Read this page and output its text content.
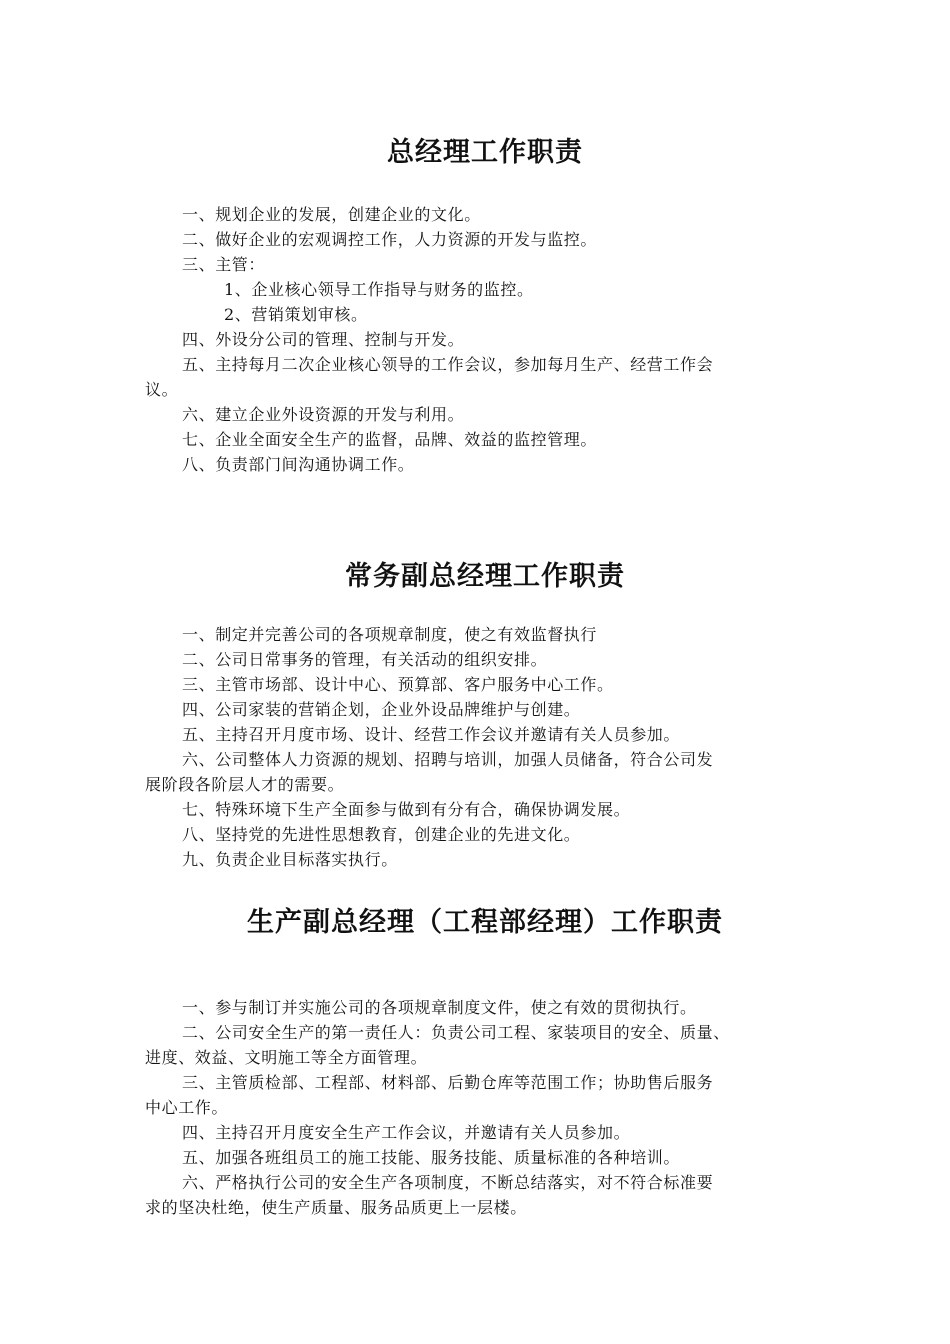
总经理工作职责

一、规划企业的发展，创建企业的文化。

二、做好企业的宏观调控工作，人力资源的开发与监控。

三、主管：

1、企业核心领导工作指导与财务的监控。

2、营销策划审核。

四、外设分公司的管理、控制与开发。

五、主持每月二次企业核心领导的工作会议，参加每月生产、经营工作会

议。

六、建立企业外设资源的开发与利用。

七、企业全面安全生产的监督，品牌、效益的监控管理。

八、负责部门间沟通协调工作。

常务副总经理工作职责

一、制定并完善公司的各项规章制度，使之有效监督执行

二、公司日常事务的管理，有关活动的组织安排。

三、主管市场部、设计中心、预算部、客户服务中心工作。

四、公司家装的营销企划，企业外设品牌维护与创建。

五、主持召开月度市场、设计、经营工作会议并邀请有关人员参加。

六、公司整体人力资源的规划、招聘与培训，加强人员储备，符合公司发

展阶段各阶层人才的需要。

七、特殊环境下生产全面参与做到有分有合，确保协调发展。

八、坚持党的先进性思想教育，创建企业的先进文化。

九、负责企业目标落实执行。

生产副总经理（工程部经理）工作职责

一、参与制订并实施公司的各项规章制度文件，使之有效的贯彻执行。

二、公司安全生产的第一责任人：负责公司工程、家装项目的安全、质量、

进度、效益、文明施工等全方面管理。

三、主管质检部、工程部、材料部、后勤仓库等范围工作；协助售后服务

中心工作。

四、主持召开月度安全生产工作会议，并邀请有关人员参加。

五、加强各班组员工的施工技能、服务技能、质量标准的各种培训。

六、严格执行公司的安全生产各项制度，不断总结落实，对不符合标准要

求的坚决杜绝，使生产质量、服务品质更上一层楼。
